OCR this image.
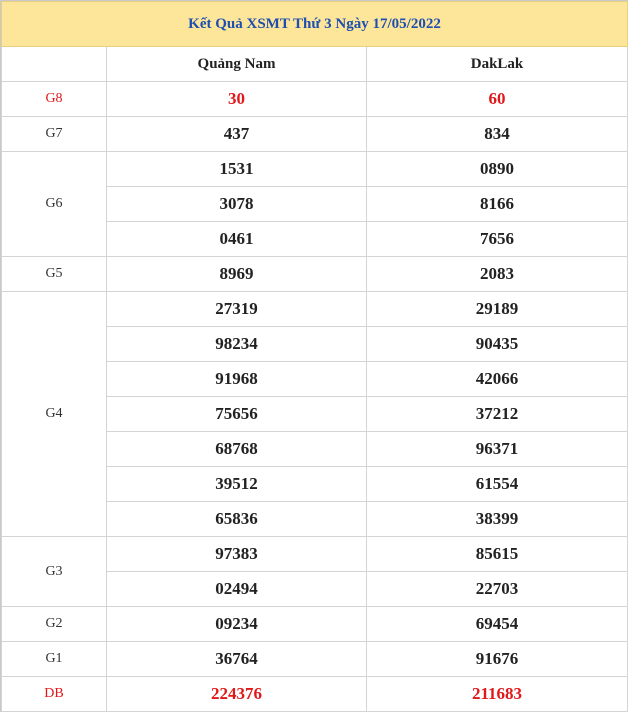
Kết Quả XSMT Thứ 3 Ngày 17/05/2022		
	Quảng Nam	DakLak
G8	30	60
G7	437	834
G6	1531	0890
	3078	8166
	0461	7656
G5	8969	2083
G4	27319	29189
	98234	90435
	91968	42066
	75656	37212
	68768	96371
	39512	61554
	65836	38399
G3	97383	85615
	02494	22703
G2	09234	69454
G1	36764	91676
DB	224376	211683
